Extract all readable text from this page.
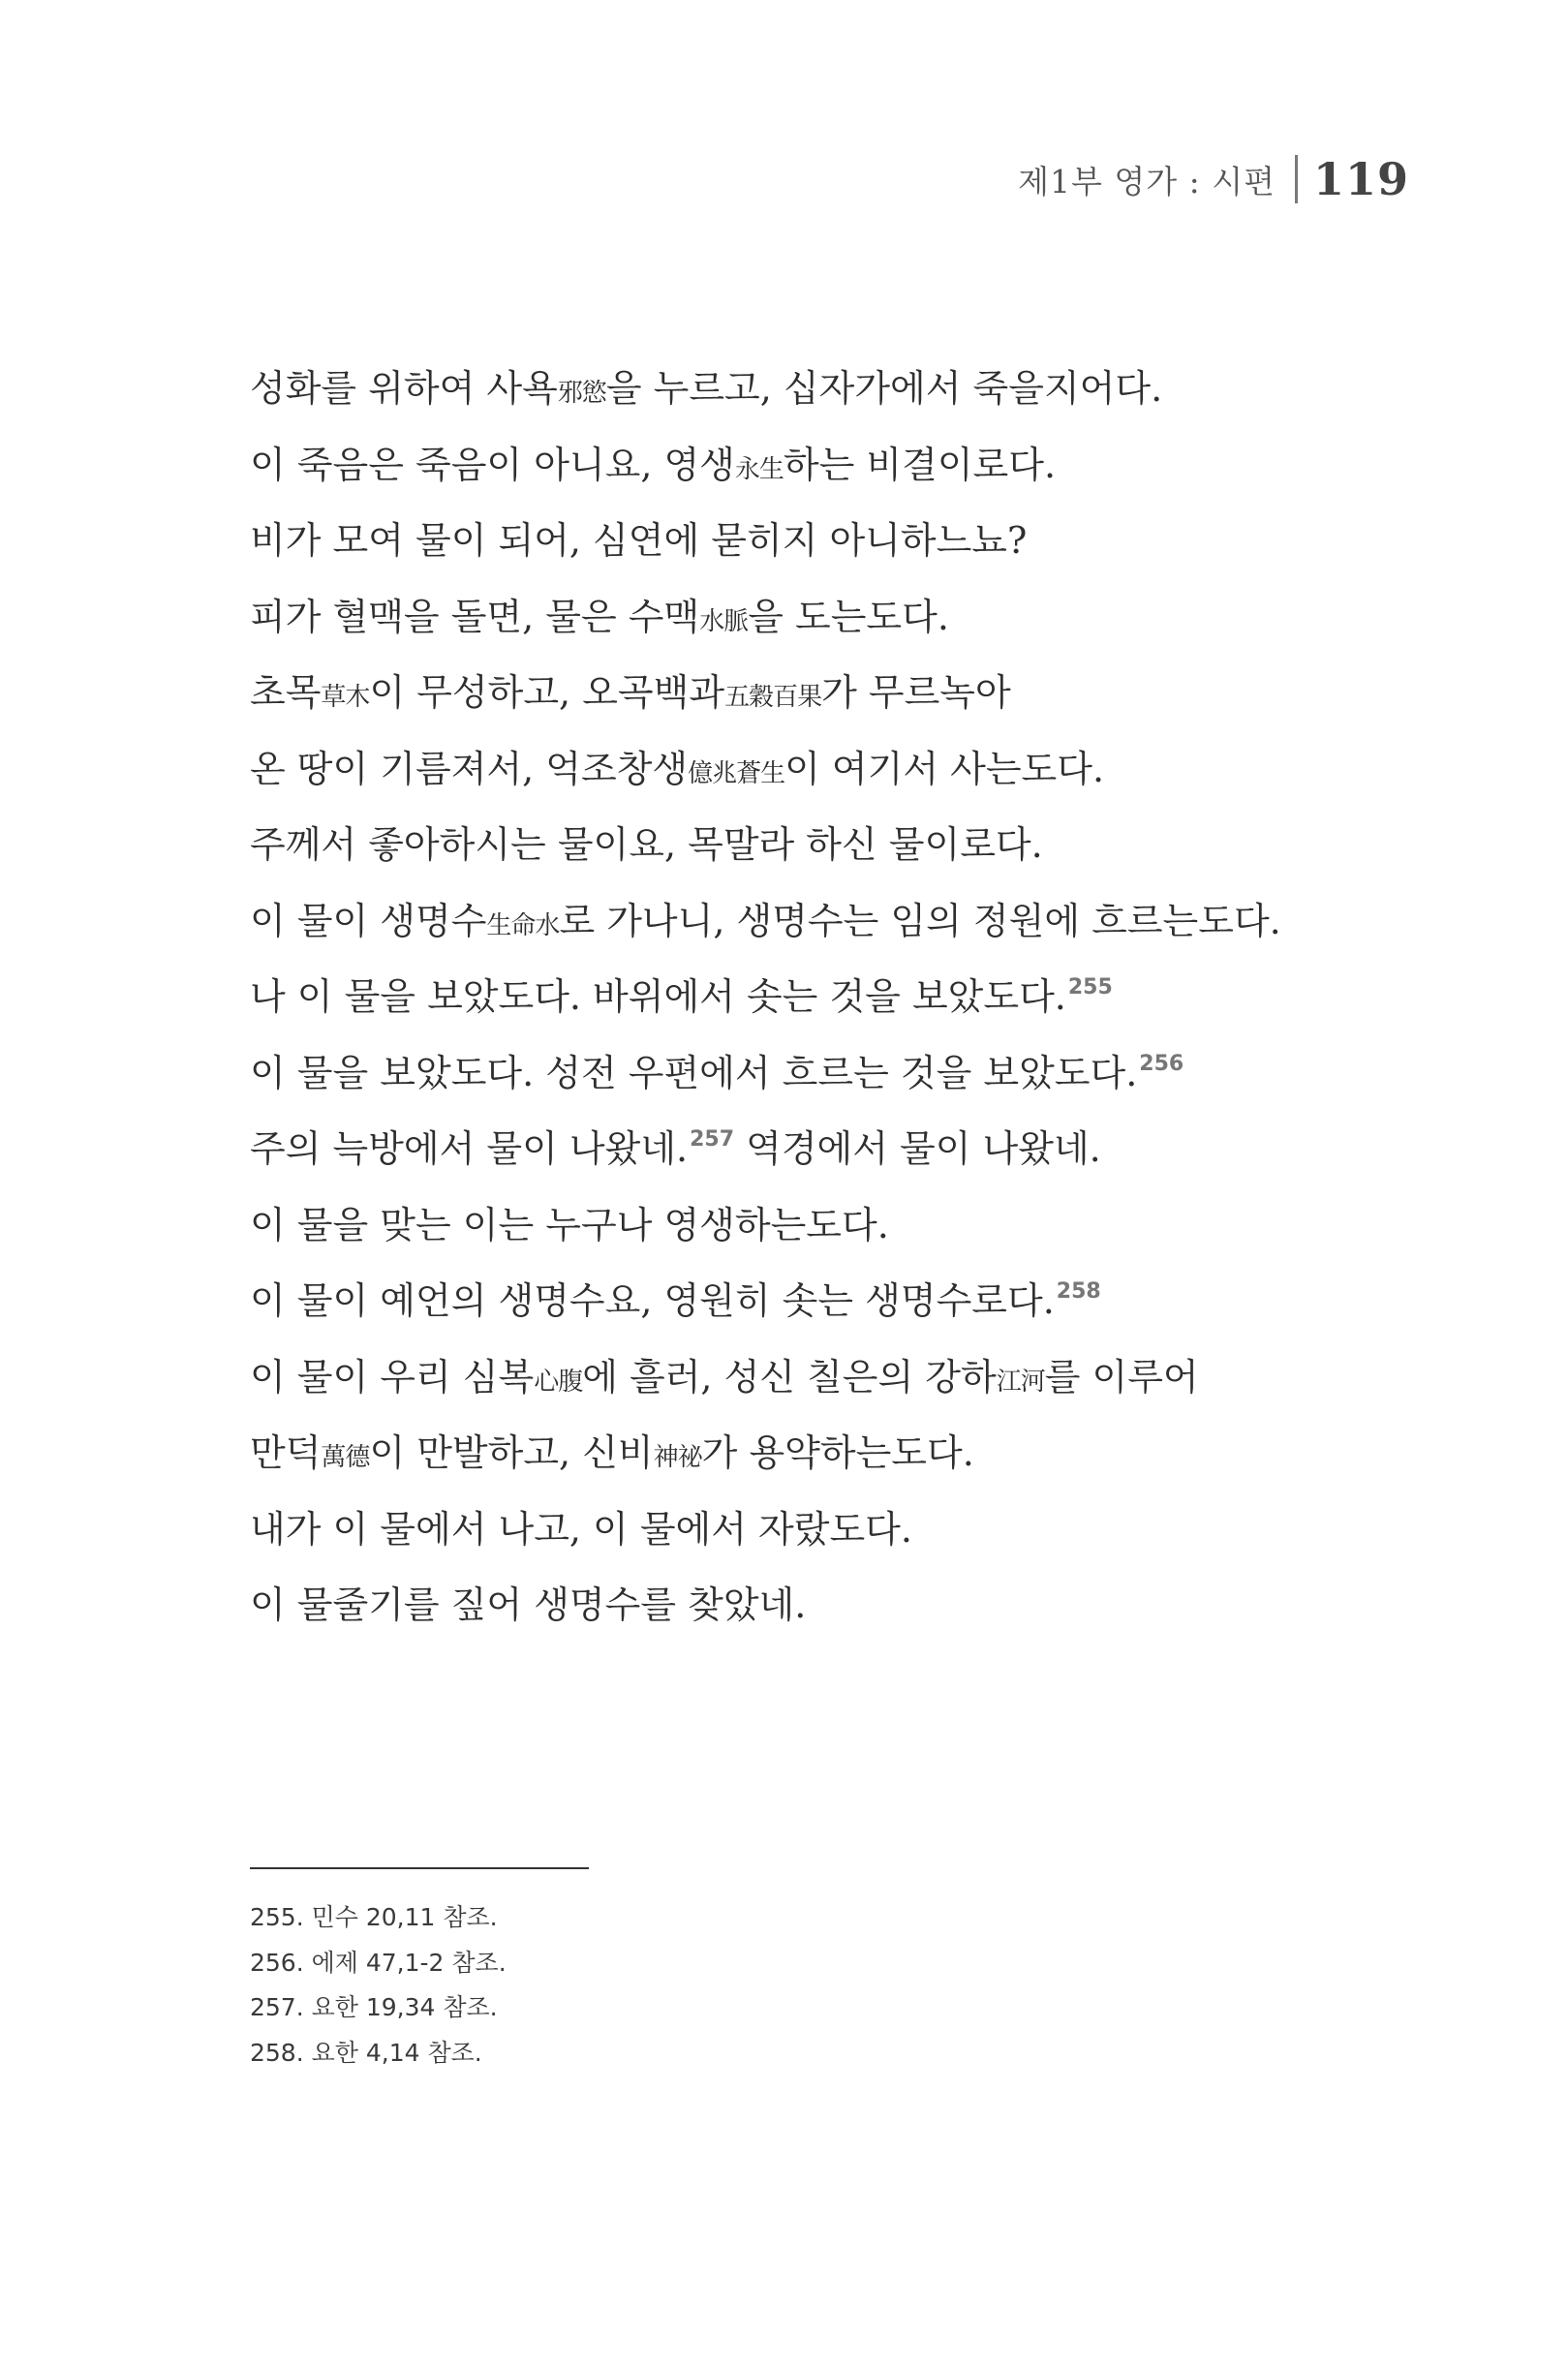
제1부 영가 : 시편 119
성화를 위하여 사욕邪慾을 누르고, 십자가에서 죽을지어다.
이 죽음은 죽음이 아니요, 영생永生하는 비결이로다.
비가 모여 물이 되어, 심연에 묻히지 아니하느뇨?
피가 혈맥을 돌면, 물은 수맥水脈을 도는도다.
초목草木이 무성하고, 오곡백과五穀百果가 무르녹아
온 땅이 기름져서, 억조창생億兆蒼生이 여기서 사는도다.
주께서 좋아하시는 물이요, 목말라 하신 물이로다.
이 물이 생명수生命水로 가나니, 생명수는 임의 정원에 흐르는도다.
나 이 물을 보았도다. 바위에서 솟는 것을 보았도다.$^{255}$
이 물을 보았도다. 성전 우편에서 흐르는 것을 보았도다.$^{256}$
주의 늑방에서 물이 나왔네.$^{257}$ 역경에서 물이 나왔네.
이 물을 맞는 이는 누구나 영생하는도다.
이 물이 예언의 생명수요, 영원히 솟는 생명수로다.$^{258}$
이 물이 우리 심복心腹에 흘러, 성신 칠은의 강하江河를 이루어
만덕萬德이 만발하고, 신비神祕가 용약하는도다.
내가 이 물에서 나고, 이 물에서 자랐도다.
이 물줄기를 짚어 생명수를 찾았네.
255. 민수 20,11 참조.
256. 에제 47,1-2 참조.
257. 요한 19,34 참조.
258. 요한 4,14 참조.
